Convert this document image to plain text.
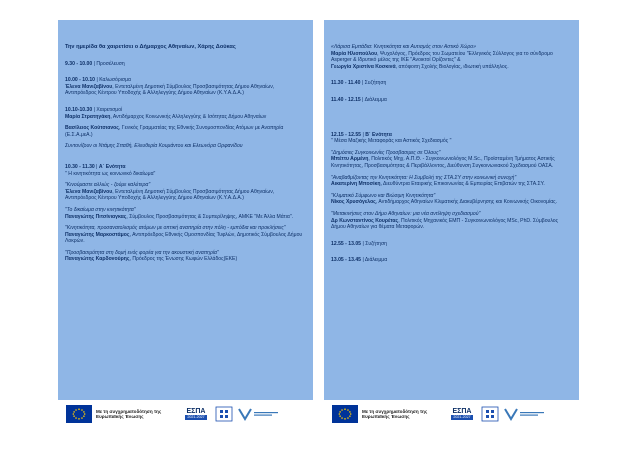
Την ημερίδα θα χαιρετίσει ο Δήμαρχος Αθηναίων, Χάρης Δούκας

9.30 - 10.00 | Προσέλευση

10.00 - 10.10 | Καλωσόρισμα

Έλενα Μανιζαβίνου, Εντεταλμένη Δημοτική Σύμβουλος Προσβασιμότητας Δήμου Αθηναίων, Αντιπρόεδρος Κέντρου Υποδοχής & Αλληλεγγύης Δήμου Αθηναίων (Κ.Υ.Α.Δ.Α.)

10.10-10.30 | Χαιρετισμοί

Μαρία Στρατηγάκη, Αντιδήμαρχος Κοινωνικής Αλληλεγγύης & Ισότητας Δήμου Αθηναίων

Βασίλειος Κούτσιανος, Γενικός Γραμματέας της Εθνικής Συνομοσπονδίας Ατόμων με Αναπηρία (Ε.Σ.Α.μεΑ.)

Συντονίζουν οι Ντάμης Σπαθή, Ελευθερία Κουμάντου και Ελεωνόρα Ορφανίδου

10.30 - 11.30 | Α΄ Ενότητα

" Η κινητικότητα ως κοινωνικό δικαίωμα"

"Κινούμαστε αλλιώς - ζούμε καλύτερα"

Έλενα Μανιζαβίνου, Εντεταλμένη Δημοτική Σύμβουλος Προσβασιμότητας Δήμου Αθηναίων, Αντιπρόεδρος Κέντρου Υποδοχής & Αλληλεγγύης Δήμου Αθηναίων (Κ.Υ.Α.Δ.Α.)

"Το δικαίωμα στην κινητικότητα"

Παναγιώτης Πιτσίνιαγκας, Σύμβουλος Προσβασιμότητας & Συμπερίληψης, AMKE "Με Άλλα Μάτια".

"Κινητικότητα, προσανατολισμός ατόμων με οπτική αναπηρία στην πόλη - εμπόδια και προκλήσεις"

Παναγιώτης Μαρκοστάμος, Αντιπρόεδρος Εθνικής Ομοσπονδίας Τυφλών, Δημοτικός Σύμβουλος Δήμου Λοκρών.

"Προσβασιμότητα στη δομή ενός φορέα για την ακουστική αναπηρία"

Παναγιώτης Καρδονούρης, Πρόεδρος της Ένωσης Κωφών Ελλάδος(ΕΚΕ)

Με τη συγχρηματοδότηση της Ευρωπαϊκής Ένωσης
ΕΣΠΑ
2021-2027

«Λάρισα Εμπάδια: Κινητικότητα και Αυτισμός στον Αστικό Χώρο»

Μαρία Ηλιοπούλου, Ψυχολόγος, Πρόεδρος του Σωματείου "Ελληνικός Σύλλογος για το σύνδρομο Asperger & Ιδρυτικό μέλος της ΙΚΕ "Ανοικτοί Ορίζοντες" &

Γεωργία Χριστίνα Κοσκινά, απόφοιτη Σχολής Βιολογίας, ιδιωτική υπάλληλος.

11.30 - 11.40 | Συζήτηση

11.40 - 12.15 | Διάλειμμα

12.15 - 12.55 | Β΄ Ενότητα

" Μέσα Μαζικής Μεταφοράς και Αστικός Σχεδιασμός "

"Δημόσιες Συγκοινωνίες Προσβασιμες σε Όλους"

Μπέττυ Αρμένη, Πολιτικός Μηχ. Α.Π.Θ. - Συγκοινωνιολόγος M.Sc., Προϊσταμένη Τμήματος Αστικής Κινητικότητας, Προσβασιμότητας & Περιβάλλοντος, Διεύθυνση Συγκοινωνιακού Σχεδιασμού ΟΑΣΑ.

"Αναβαθμίζοντας την Κινητικότητα: Η Συμβολή της ΣΤΑ.ΣΥ στην κοινωνική συνοχή"

Αικατερίνη Μποσίκη, Διευθύντρια Εταιρικής Επικοινωνίας & Εμπειρίας Επιβατών της ΣΤΑ.ΣΥ.

"Κλιματικό Σύμφωνο και Βιώσιμη Κινητικότητα"

Νίκος Χρυσόγελος, Αντιδήμαρχος Αθηναίων Κλιματικής Διακυβέρνησης και Κοινωνικής Οικονομίας.

"Μετακινήσεις στον Δήμο Αθηναίων: μια νέα αντίληψη σχεδιασμού"

Δρ Κωνσταντίνος Κουρέτας, Πολιτικός Μηχανικός ΕΜΠ - Συγκοινωνιολόγος MSc, PhD. Σύμβουλος Δήμου Αθηναίων για θέματα Μεταφορών.

12.55 - 13.05 | Συζήτηση

13.05 - 13.45 | Διάλειμμα

Με τη συγχρηματοδότηση της Ευρωπαϊκής Ένωσης
ΕΣΠΑ
2021-2027
